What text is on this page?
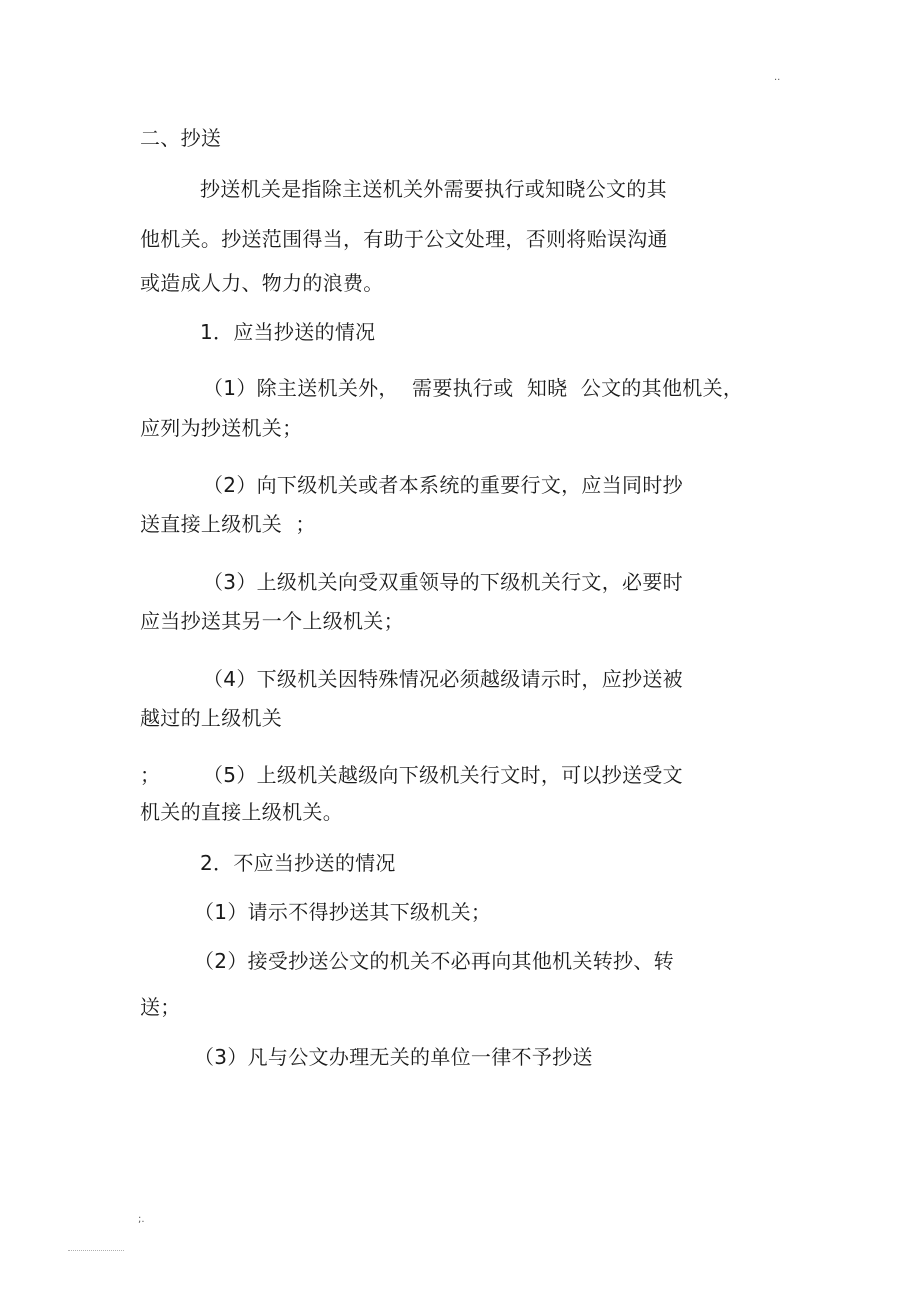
..
二、抄送
抄送机关是指除主送机关外需要执行或知晓公文的其
他机关。抄送范围得当，有助于公文处理，否则将贻误沟通
或造成人力、物力的浪费。
1．应当抄送的情况
（1）除主送机关外，  需要执行或  知晓  公文的其他机关，
应列为抄送机关；
（2）向下级机关或者本系统的重要行文，应当同时抄
送直接上级机关  ；
（3）上级机关向受双重领导的下级机关行文，必要时
应当抄送其另一个上级机关；
（4）下级机关因特殊情况必须越级请示时，应抄送被
越过的上级机关
； （5）上级机关越级向下级机关行文时，可以抄送受文
机关的直接上级机关。
2．不应当抄送的情况
（1）请示不得抄送其下级机关；
（2）接受抄送公文的机关不必再向其他机关转抄、转
送；
（3）凡与公文办理无关的单位一律不予抄送
;.
